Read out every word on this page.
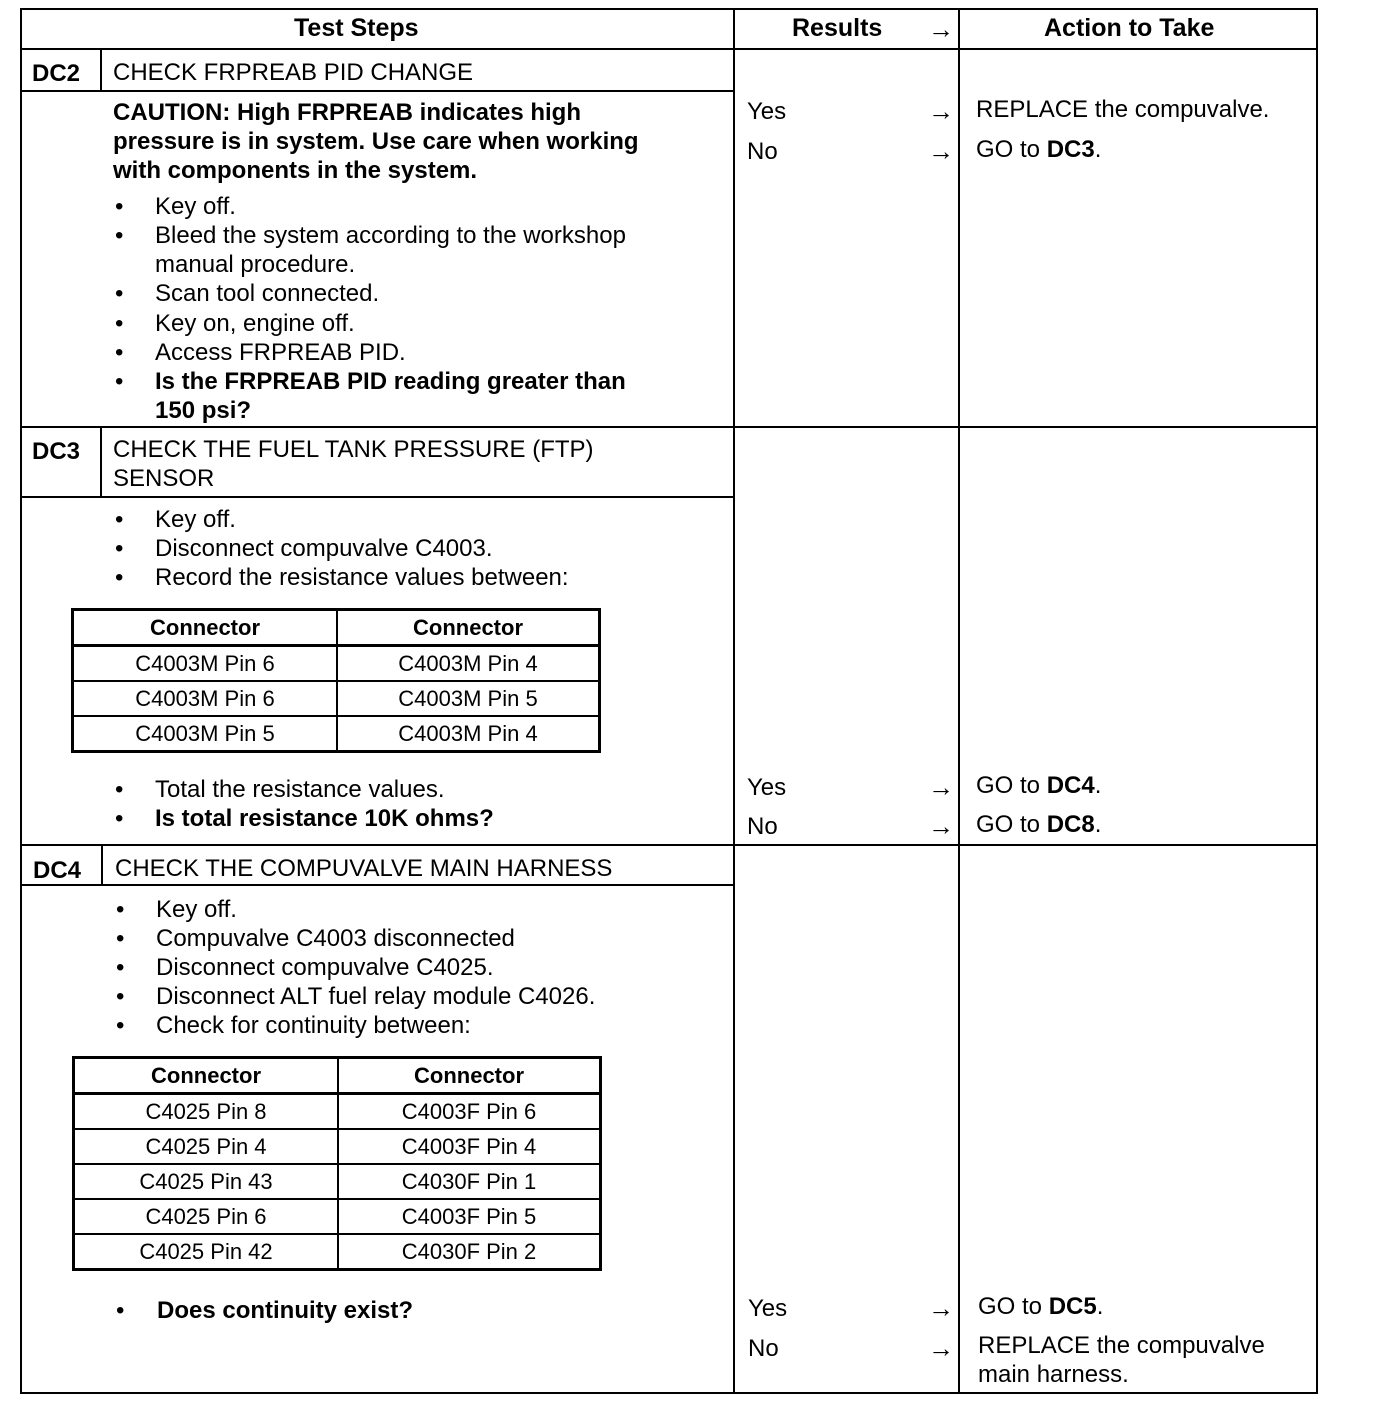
Test Steps	Results →	Action to Take
DC2 CHECK FRPREAB PID CHANGE
CAUTION: High FRPREAB indicates high
pressure is in system. Use care when working
with components in the system.
• Key off.
• Bleed the system according to the workshop
manual procedure.
• Scan tool connected.
• Key on, engine off.
• Access FRPREAB PID.
• Is the FRPREAB PID reading greater than
150 psi?
Yes	→ REPLACE the compuvalve.
No	→ GO to DC3.
DC3 CHECK THE FUEL TANK PRESSURE (FTP)
SENSOR
• Key off.
• Disconnect compuvalve C4003.
• Record the resistance values between:
Connector	Connector
C4003M Pin 6	C4003M Pin 4
C4003M Pin 6	C4003M Pin 5
C4003M Pin 5	C4003M Pin 4
• Total the resistance values.
• Is total resistance 10K ohms?
Yes	→ GO to DC4.
No	→ GO to DC8.
DC4 CHECK THE COMPUVALVE MAIN HARNESS
• Key off.
• Compuvalve C4003 disconnected
• Disconnect compuvalve C4025.
• Disconnect ALT fuel relay module C4026.
• Check for continuity between:
Connector	Connector
C4025 Pin 8	C4003F Pin 6
C4025 Pin 4	C4003F Pin 4
C4025 Pin 43	C4030F Pin 1
C4025 Pin 6	C4003F Pin 5
C4025 Pin 42	C4030F Pin 2
• Does continuity exist?	Yes	→ GO to DC5.
No	→ REPLACE the compuvalve
main harness.
